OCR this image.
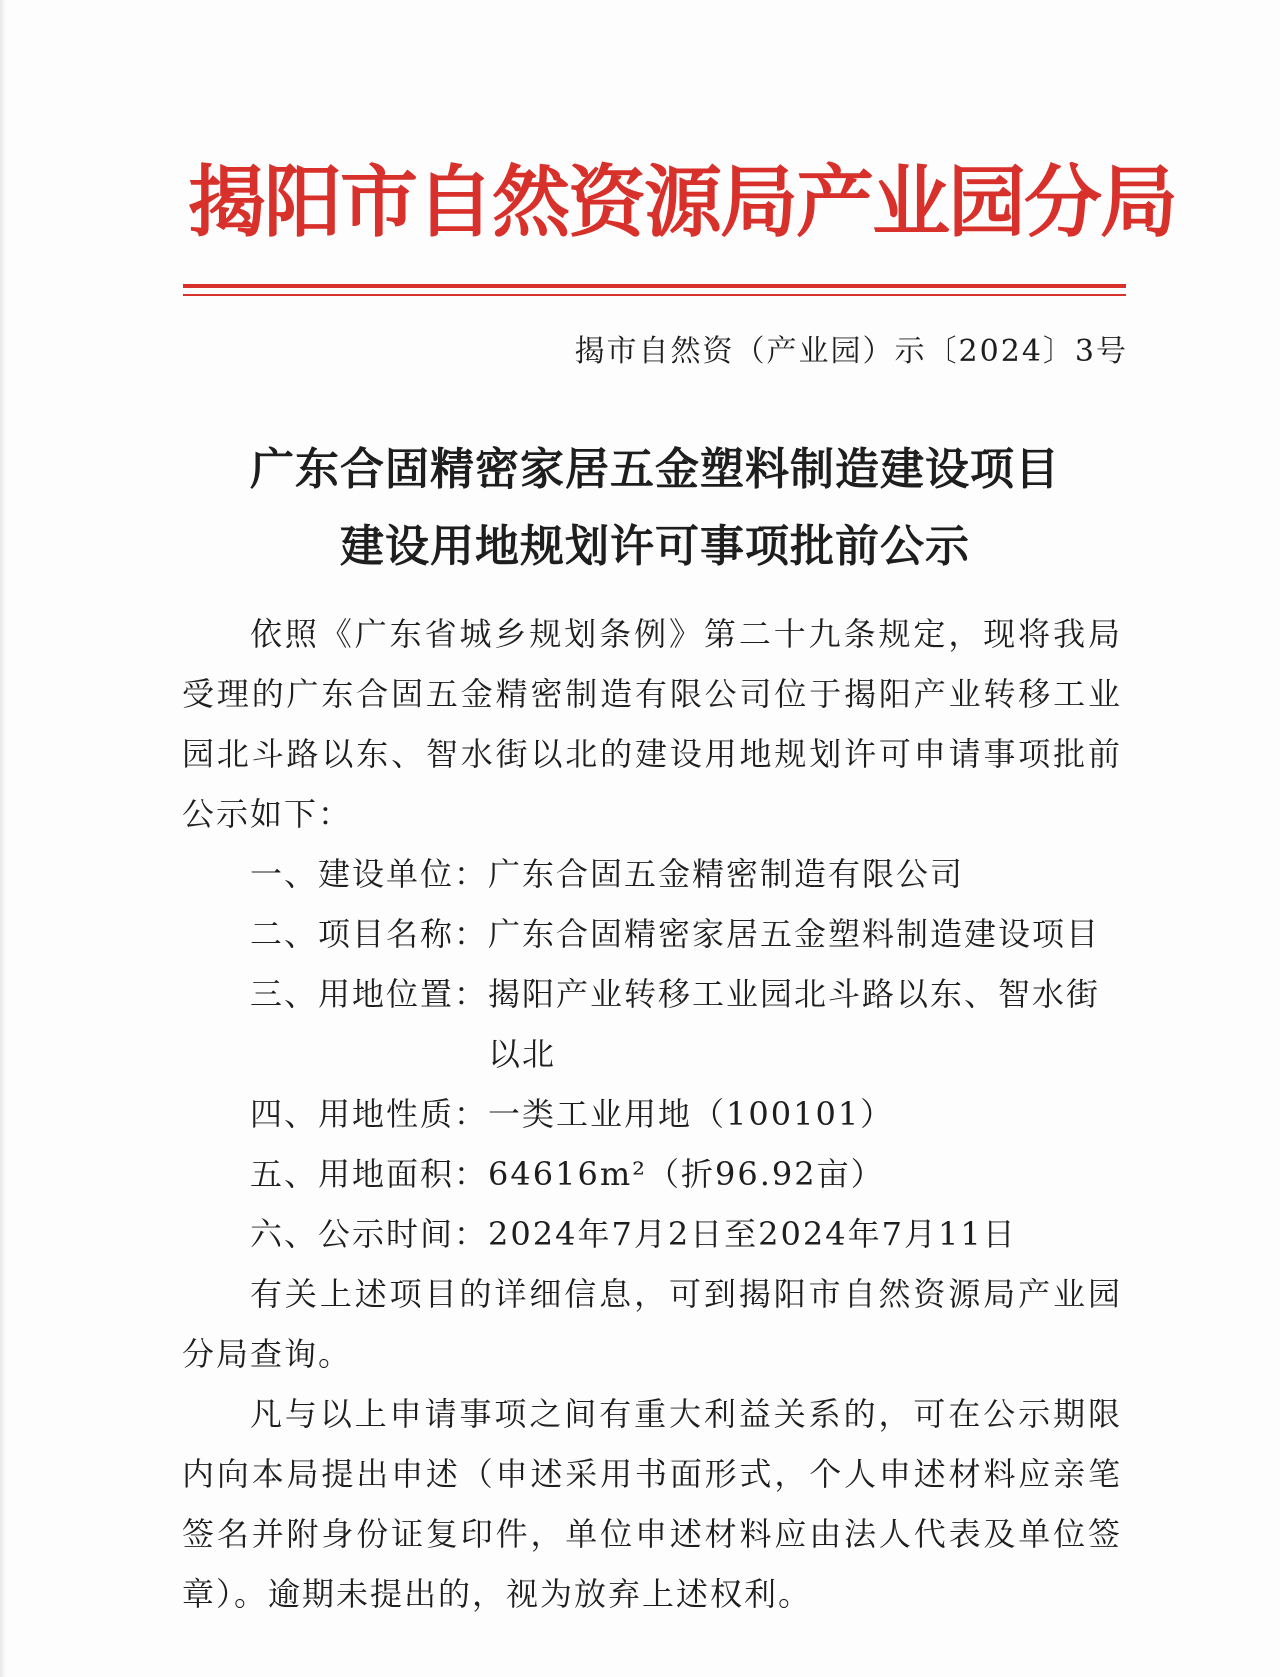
揭阳市自然资源局产业园分局
揭市自然资（产业园）示〔2024〕3号
广东合固精密家居五金塑料制造建设项目
建设用地规划许可事项批前公示

依照《广东省城乡规划条例》第二十九条规定，现将我局受理的广东合固五金精密制造有限公司位于揭阳产业转移工业园北斗路以东、智水街以北的建设用地规划许可申请事项批前公示如下：

一、建设单位： 广东合固五金精密制造有限公司
二、项目名称： 广东合固精密家居五金塑料制造建设项目
三、用地位置： 揭阳产业转移工业园北斗路以东、智水街以北
四、用地性质： 一类工业用地（100101）
五、用地面积： 64616m²（折96.92亩）
六、公示时间： 2024年7月2日至2024年7月11日

有关上述项目的详细信息，可到揭阳市自然资源局产业园分局查询。

凡与以上申请事项之间有重大利益关系的，可在公示期限内向本局提出申述（申述采用书面形式，个人申述材料应亲笔签名并附身份证复印件，单位申述材料应由法人代表及单位签章）。逾期未提出的，视为放弃上述权利。
